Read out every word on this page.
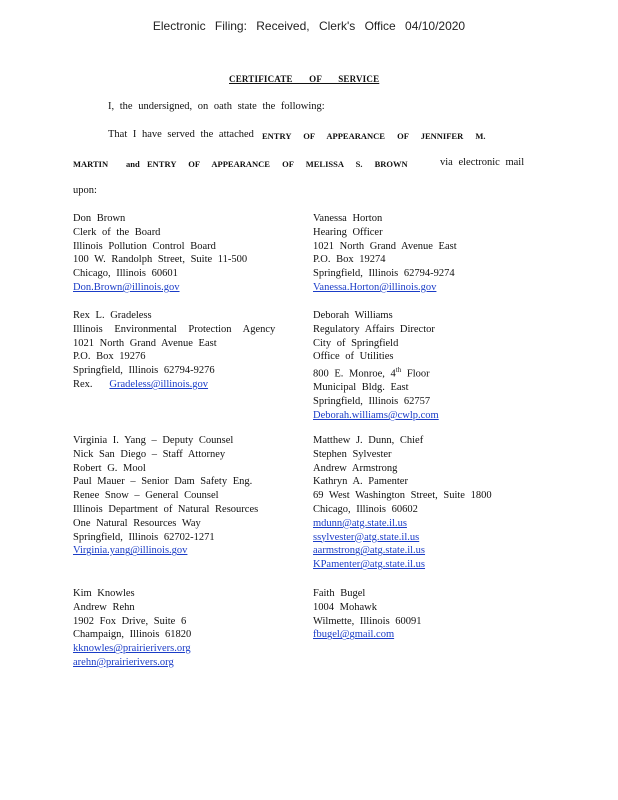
Electronic Filing: Received, Clerk's Office 04/10/2020
CERTIFICATE OF SERVICE
I, the undersigned, on oath state the following:
That I have served the attached ENTRY OF APPEARANCE OF JENNIFER M.
MARTIN and ENTRY OF APPEARANCE OF MELISSA S. BROWN	via electronic mail
upon:
Don Brown
Clerk of the Board
Illinois Pollution Control Board
100 W. Randolph Street, Suite 11-500
Chicago, Illinois 60601
Don.Brown@illinois.gov
Vanessa Horton
Hearing Officer
1021 North Grand Avenue East
P.O. Box 19274
Springfield, Illinois 62794-9274
Vanessa.Horton@illinois.gov
Rex L. Gradeless
Illinois Environmental Protection Agency
1021 North Grand Avenue East
P.O. Box 19276
Springfield, Illinois 62794-9276
Rex. Gradeless@illinois.gov
Deborah Williams
Regulatory Affairs Director
City of Springfield
Office of Utilities
800 E. Monroe, 4th Floor
Municipal Bldg. East
Springfield, Illinois 62757
Deborah.williams@cwlp.com
Virginia I. Yang – Deputy Counsel
Nick San Diego – Staff Attorney
Robert G. Mool
Paul Mauer – Senior Dam Safety Eng.
Renee Snow – General Counsel
Illinois Department of Natural Resources
One Natural Resources Way
Springfield, Illinois 62702-1271
Virginia.yang@illinois.gov
Matthew J. Dunn, Chief
Stephen Sylvester
Andrew Armstrong
Kathryn A. Pamenter
69 West Washington Street, Suite 1800
Chicago, Illinois 60602
mdunn@atg.state.il.us
ssylvester@atg.state.il.us
aarmstrong@atg.state.il.us
KPamenter@atg.state.il.us
Kim Knowles
Andrew Rehn
1902 Fox Drive, Suite 6
Champaign, Illinois 61820
kknowles@prairierivers.org
arehn@prairierivers.org
Faith Bugel
1004 Mohawk
Wilmette, Illinois 60091
fbugel@gmail.com
